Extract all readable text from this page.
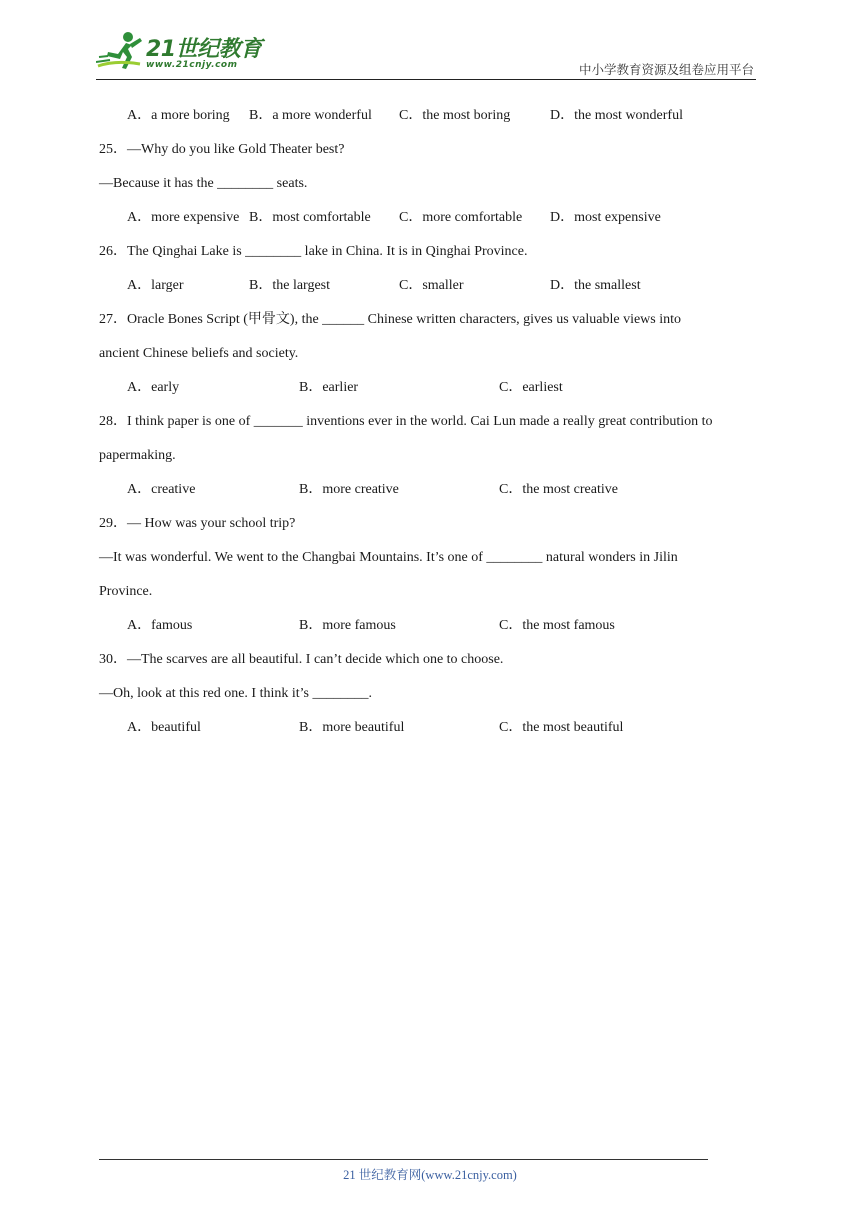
21世纪教育
www.21cnjy.com	中小学教育资源及组卷应用平台
A．a more boring B．a more wonderful C．the most boring	D．the most wonderful
25．—Why do you like Gold Theater best?
—Because it has the ________ seats.
A．more expensive B．most comfortable C．more comfortable D．most expensive
26．The Qinghai Lake is ________ lake in China. It is in Qinghai Province.
A．larger	B．the largest	C．smaller	D．the smallest
27．Oracle Bones Script (甲骨文), the ______ Chinese written characters, gives us valuable views into
ancient Chinese beliefs and society.
A．early	B．earlier	C．earliest
28．I think paper is one of _______ inventions ever in the world. Cai Lun made a really great contribution to
papermaking.
A．creative	B．more creative	C．the most creative
29．— How was your school trip?
—It was wonderful. We went to the Changbai Mountains. It’s one of ________ natural wonders in Jilin
Province.
A．famous	B．more famous	C．the most famous
30．—The scarves are all beautiful. I can’t decide which one to choose.
—Oh, look at this red one. I think it’s ________.
A．beautiful	B．more beautiful	C．the most beautiful
21 世纪教育网(www.21cnjy.com)
